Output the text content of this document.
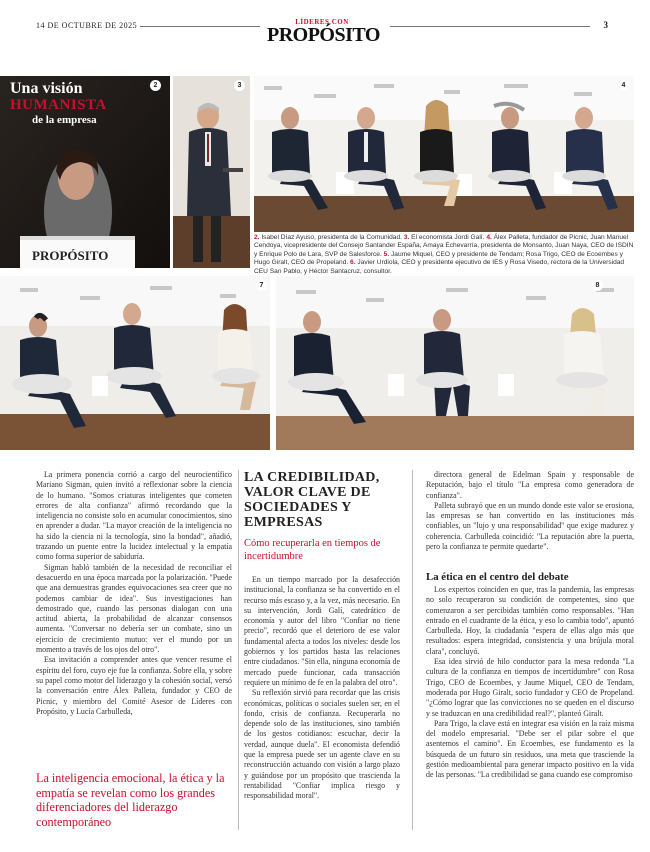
14 DE OCTUBRE DE 2025	LÍDERES CON
PROPÓSITO	3
Una visión
HUMANISTA
de la empresa
PROPÓSITO
2	3	4
2. Isabel Díaz Ayuso, presidenta de la Comunidad. 3. El economista Jordi Galí. 4. Álex Palleta, fundador de Picnic, Juan Manuel Cendoya, vicepresidente del Consejo Santander España, Amaya Echevarría, presidenta de Monsanto, Juan Naya, CEO de ISDIN y Enrique Polo de Lara, SVP de Salesforce. 5. Jaume Miquel, CEO y presidente de Tendam; Rosa Trigo, CEO de Ecoembes y Hugo Giralt, CEO de Propeland. 6. Javier Urdiola, CEO y presidente ejecutivo de IES y Rosa Visedo, rectora de la Universidad CEU San Pablo, y Héctor Santacruz, consultor.
7	8

La primera ponencia corrió a cargo del neurocientífico Mariano Sigman, quien invitó a reflexionar sobre la ciencia de lo humano. "Somos criaturas inteligentes que cometen errores de alta confianza" afirmó recordando que la inteligencia no consiste solo en acumular conocimientos, sino en aprender a dudar. "La mayor creación de la inteligencia no ha sido la ciencia ni la tecnología, sino la bondad", añadió, trazando un puente entre la lucidez intelectual y la empatía como forma superior de sabiduría.

Sigman habló también de la necesidad de reconciliar el desacuerdo en una época marcada por la polarización. "Puede que ana demuestras grandes equivocaciones sea creer que no podemos cambiar de idea". Sus investigaciones han demostrado que, cuando las personas dialogan con una actitud abierta, la probabilidad de alcanzar consensos aumenta. "Conversar no debería ser un combate, sino un ejercicio de crecimiento mutuo: ver el mundo por un momento a través de los ojos del otro".

Esa invitación a comprender antes que vencer resume el espíritu del foro, cuyo eje fue la confianza. Sobre ella, y sobre su papel como motor del liderazgo y la cohesión social, versó la conversación entre Álex Palleta, fundador y CEO de Picnic, y miembro del Comité Asesor de Líderes con Propósito, y Lucía Carbulleda,

La inteligencia emocional, la ética y la empatía se revelan como los grandes diferenciadores del liderazgo contemporáneo
LA CREDIBILIDAD, VALOR CLAVE DE SOCIEDADES Y EMPRESAS
Cómo recuperarla en tiempos de incertidumbre

En un tiempo marcado por la desafección institucional, la confianza se ha convertido en el recurso más escaso y, a la vez, más necesario. En su intervención, Jordi Galí, catedrático de economía y autor del libro "Confiar no tiene precio", recordó que el deterioro de ese valor fundamental afecta a todos los niveles: desde los gobiernos y los partidos hasta las relaciones entre ciudadanos. "Sin ella, ninguna economía de mercado puede funcionar, cada transacción requiere un mínimo de fe en la palabra del otro".

Su reflexión sirvió para recordar que las crisis económicas, políticas o sociales suelen ser, en el fondo, crisis de confianza. Recuperarla no depende solo de las instituciones, sino también de los gestos cotidianos: escuchar, decir la verdad, aunque duela". El economista defendió que la empresa puede ser un agente clave en su reconstrucción actuando con visión a largo plazo y guiándose por un propósito que trascienda la rentabilidad "Confiar implica riesgo y responsabilidad moral".

directora general de Edelman Spain y responsable de Reputación, bajo el título "La empresa como generadora de confianza".

Palleta subrayó que en un mundo donde este valor se erosiona, las empresas se han convertido en las instituciones más confiables, un "lujo y una responsabilidad" que exige madurez y coherencia. Carbulleda coincidió: "La reputación abre la puerta, pero la confianza te permite quedarte".

La ética en el centro del debate

Los expertos coinciden en que, tras la pandemia, las empresas no solo recuperaron su condición de competentes, sino que comenzaron a ser percibidas también como responsables. "Han entrado en el cuadrante de la ética, y eso lo cambia todo", apuntó Carbulleda. Hoy, la ciudadanía "espera de ellas algo más que resultados: espera integridad, consistencia y una brújula moral clara", concluyó.

Esa idea sirvió de hilo conductor para la mesa redonda "La cultura de la confianza en tiempos de incertidumbre" con Rosa Trigo, CEO de Ecoembes, y Jaume Miquel, CEO de Tendam, moderada por Hugo Giralt, socio fundador y CEO de Propeland. "¿Cómo lograr que las convicciones no se queden en el discurso y se traduzcan en una credibilidad real?", planteó Giralt.

Para Trigo, la clave está en integrar esa visión en la raíz misma del modelo empresarial. "Debe ser el pilar sobre el que asentemos el camino". En Ecoembes, ese fundamento es la búsqueda de un futuro sin residuos, una meta que trasciende la gestión medioambiental para generar impacto positivo en la vida de las personas. "La credibilidad se gana cuando ese compromiso
